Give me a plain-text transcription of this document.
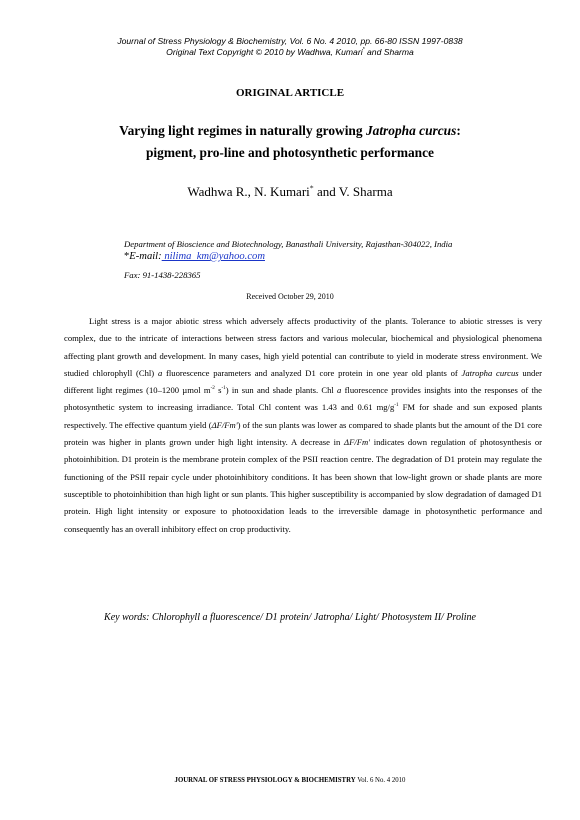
Journal of Stress Physiology & Biochemistry, Vol. 6 No. 4 2010, pp. 66-80 ISSN 1997-0838
Original Text Copyright © 2010 by Wadhwa, Kumari* and Sharma
ORIGINAL ARTICLE
Varying light regimes in naturally growing Jatropha curcus: pigment, pro-line and photosynthetic performance
Wadhwa R., N. Kumari* and V. Sharma
Department of Bioscience and Biotechnology, Banasthali University, Rajasthan-304022, India
*E-mail: nilima_km@yahoo.com
Fax: 91-1438-228365
Received October 29, 2010

Light stress is a major abiotic stress which adversely affects productivity of the plants. Tolerance to abiotic stresses is very complex, due to the intricate of interactions between stress factors and various molecular, biochemical and physiological phenomena affecting plant growth and development. In many cases, high yield potential can contribute to yield in moderate stress environment. We studied chlorophyll (Chl) a fluorescence parameters and analyzed D1 core protein in one year old plants of Jatropha curcus under different light regimes (10–1200 µmol $m^{-2}$ $s^{-1}$) in sun and shade plants. Chl a fluorescence provides insights into the responses of the photosynthetic system to increasing irradiance. Total Chl content was 1.43 and 0.61 $mg/g^{-1}$ FM for shade and sun exposed plants respectively. The effective quantum yield (ΔF/Fm') of the sun plants was lower as compared to shade plants but the amount of the D1 core protein was higher in plants grown under high light intensity. A decrease in ΔF/Fm' indicates down regulation of photosynthesis or photoinhibition. D1 protein is the membrane protein complex of the PSII reaction centre. The degradation of D1 protein may regulate the functioning of the PSII repair cycle under photoinhibitory conditions. It has been shown that low-light grown or shade plants are more susceptible to photoinhibition than high light or sun plants. This higher susceptibility is accompanied by slow degradation of damaged D1 protein. High light intensity or exposure to photooxidation leads to the irreversible damage in photosynthetic performance and consequently has an overall inhibitory effect on crop productivity.

Key words: Chlorophyll a fluorescence/ D1 protein/ Jatropha/ Light/ Photosystem II/ Proline
JOURNAL OF STRESS PHYSIOLOGY & BIOCHEMISTRY Vol. 6 No. 4 2010
